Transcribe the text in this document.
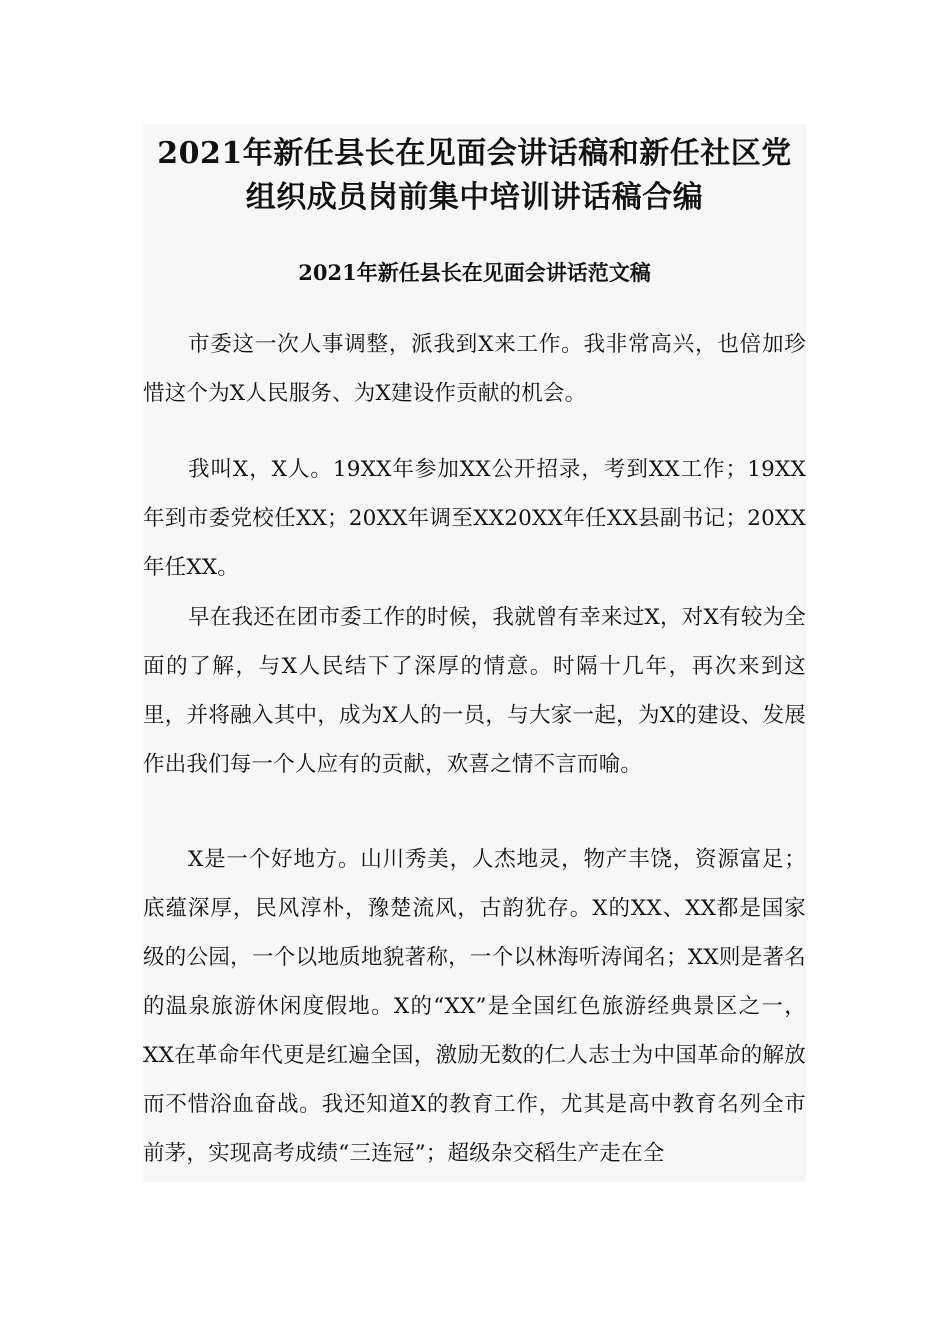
2021年新任县长在见面会讲话稿和新任社区党组织成员岗前集中培训讲话稿合编
2021年新任县长在见面会讲话范文稿

市委这一次人事调整，派我到X来工作。我非常高兴，也倍加珍惜这个为X人民服务、为X建设作贡献的机会。

我叫X，X人。19XX年参加XX公开招录，考到XX工作；19XX年到市委党校任XX；20XX年调至XX20XX年任XX县副书记；20XX年任XX。

早在我还在团市委工作的时候，我就曾有幸来过X，对X有较为全面的了解，与X人民结下了深厚的情意。时隔十几年，再次来到这里，并将融入其中，成为X人的一员，与大家一起，为X的建设、发展作出我们每一个人应有的贡献，欢喜之情不言而喻。

X是一个好地方。山川秀美，人杰地灵，物产丰饶，资源富足；底蕴深厚，民风淳朴，豫楚流风，古韵犹存。X的XX、XX都是国家级的公园，一个以地质地貌著称，一个以林海听涛闻名；XX则是著名的温泉旅游休闲度假地。X的“XX”是全国红色旅游经典景区之一，XX在革命年代更是红遍全国，激励无数的仁人志士为中国革命的解放而不惜浴血奋战。我还知道X的教育工作，尤其是高中教育名列全市前茅，实现高考成绩“三连冠”；超级杂交稻生产走在全
